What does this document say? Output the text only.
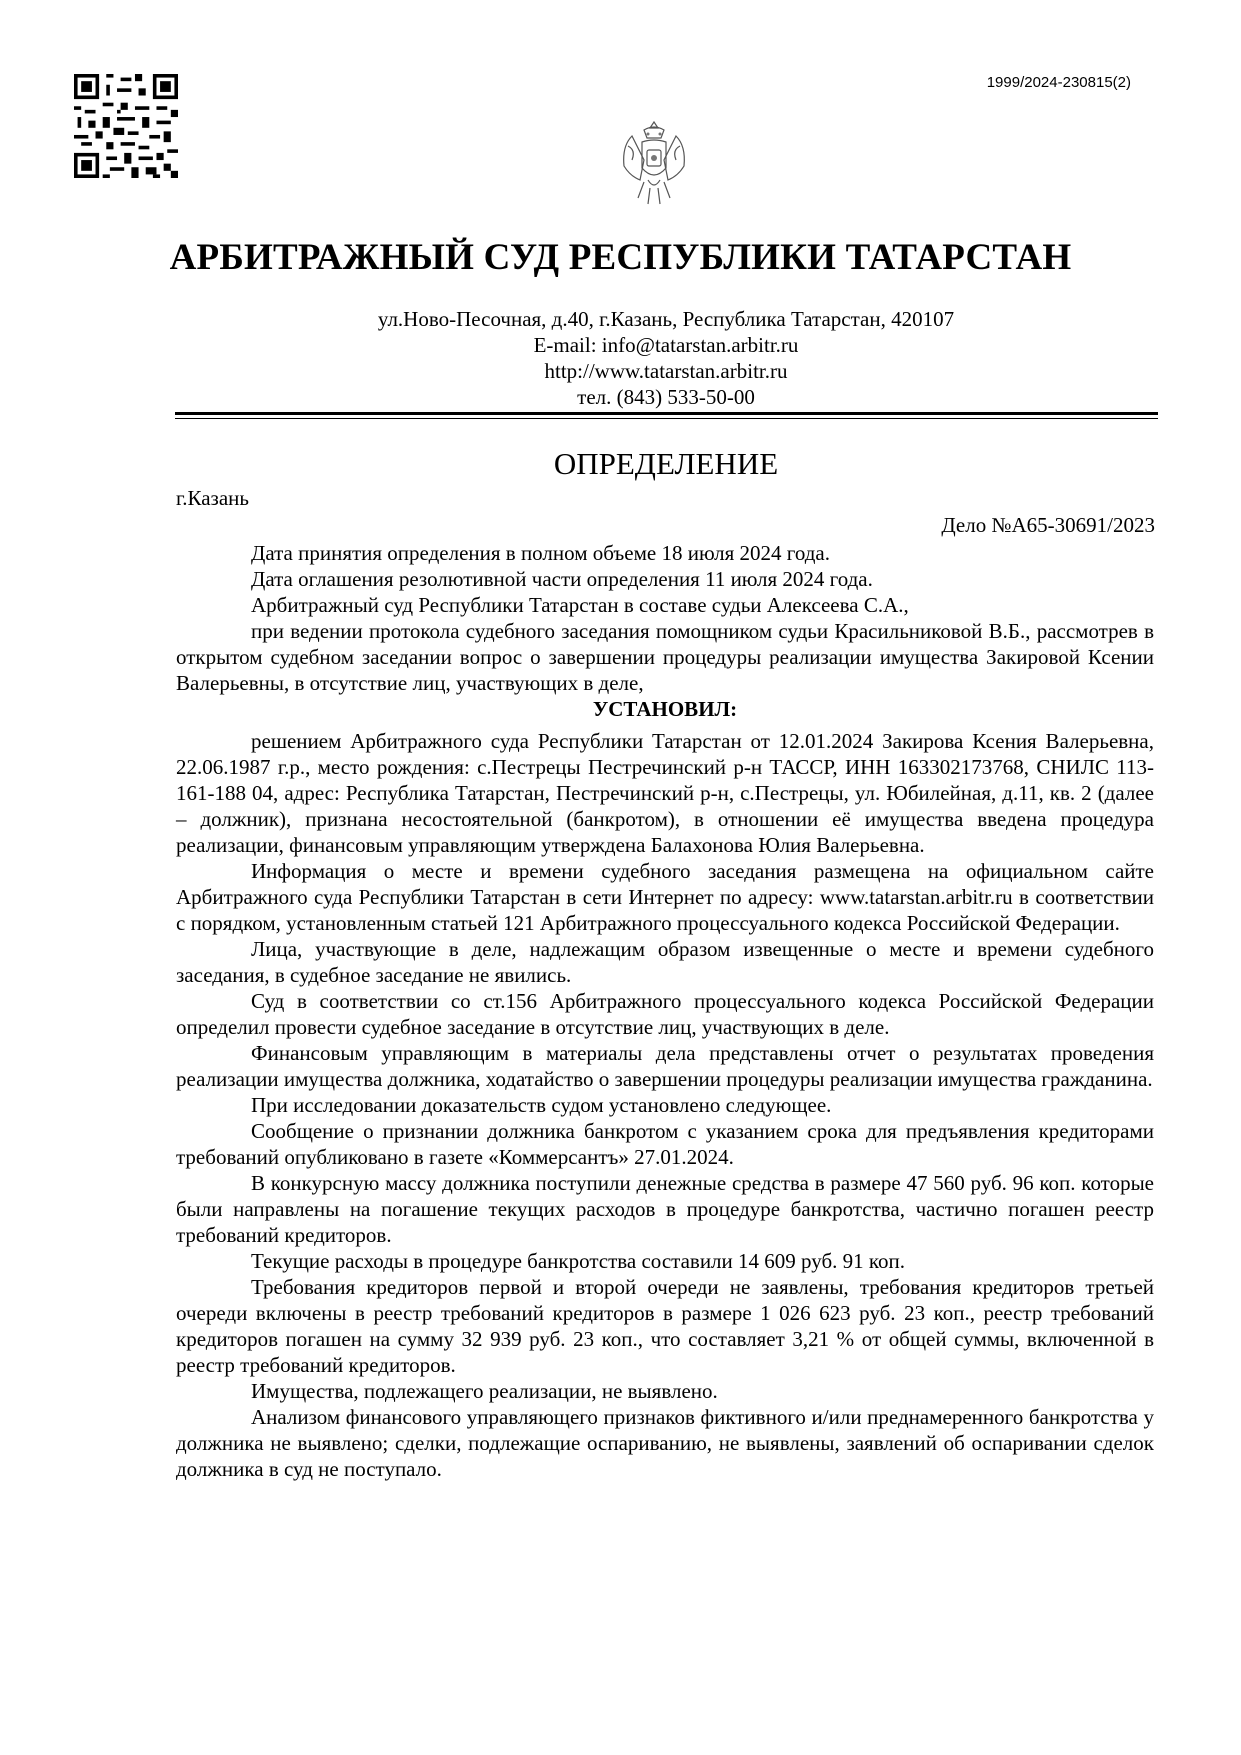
1999/2024-230815(2)
АРБИТРАЖНЫЙ СУД РЕСПУБЛИКИ ТАТАРСТАН
ул.Ново-Песочная, д.40, г.Казань, Республика Татарстан, 420107
E-mail: info@tatarstan.arbitr.ru
http://www.tatarstan.arbitr.ru
тел. (843) 533-50-00
ОПРЕДЕЛЕНИЕ
г.Казань
Дело №А65-30691/2023

Дата принятия определения в полном объеме 18 июля 2024 года.

Дата оглашения резолютивной части определения 11 июля 2024 года.

Арбитражный суд Республики Татарстан в составе судьи Алексеева С.А.,

при ведении протокола судебного заседания помощником судьи Красильниковой В.Б., рассмотрев в открытом судебном заседании вопрос о завершении процедуры реализации имущества Закировой Ксении Валерьевны, в отсутствие лиц, участвующих в деле,

УСТАНОВИЛ:

решением Арбитражного суда Республики Татарстан от 12.01.2024 Закирова Ксения Валерьевна, 22.06.1987 г.р., место рождения: с.Пестрецы Пестречинский р-н ТАССР, ИНН 163302173768, СНИЛС 113-161-188 04, адрес: Республика Татарстан, Пестречинский р-н, с.Пестрецы, ул. Юбилейная, д.11, кв. 2 (далее – должник), признана несостоятельной (банкротом), в отношении её имущества введена процедура реализации, финансовым управляющим утверждена Балахонова Юлия Валерьевна.

Информация о месте и времени судебного заседания размещена на официальном сайте Арбитражного суда Республики Татарстан в сети Интернет по адресу: www.tatarstan.arbitr.ru в соответствии с порядком, установленным статьей 121 Арбитражного процессуального кодекса Российской Федерации.

Лица, участвующие в деле, надлежащим образом извещенные о месте и времени судебного заседания, в судебное заседание не явились.

Суд в соответствии со ст.156 Арбитражного процессуального кодекса Российской Федерации определил провести судебное заседание в отсутствие лиц, участвующих в деле.

Финансовым управляющим в материалы дела представлены отчет о результатах проведения реализации имущества должника, ходатайство о завершении процедуры реализации имущества гражданина.

При исследовании доказательств судом установлено следующее.

Сообщение о признании должника банкротом с указанием срока для предъявления кредиторами требований опубликовано в газете «Коммерсантъ» 27.01.2024.

В конкурсную массу должника поступили денежные средства в размере 47 560 руб. 96 коп. которые были направлены на погашение текущих расходов в процедуре банкротства, частично погашен реестр требований кредиторов.

Текущие расходы в процедуре банкротства составили 14 609 руб. 91 коп.

Требования кредиторов первой и второй очереди не заявлены, требования кредиторов третьей очереди включены в реестр требований кредиторов в размере 1 026 623 руб. 23 коп., реестр требований кредиторов погашен на сумму 32 939 руб. 23 коп., что составляет 3,21 % от общей суммы, включенной в реестр требований кредиторов.

Имущества, подлежащего реализации, не выявлено.

Анализом финансового управляющего признаков фиктивного и/или преднамеренного банкротства у должника не выявлено; сделки, подлежащие оспариванию, не выявлены, заявлений об оспаривании сделок должника в суд не поступало.
